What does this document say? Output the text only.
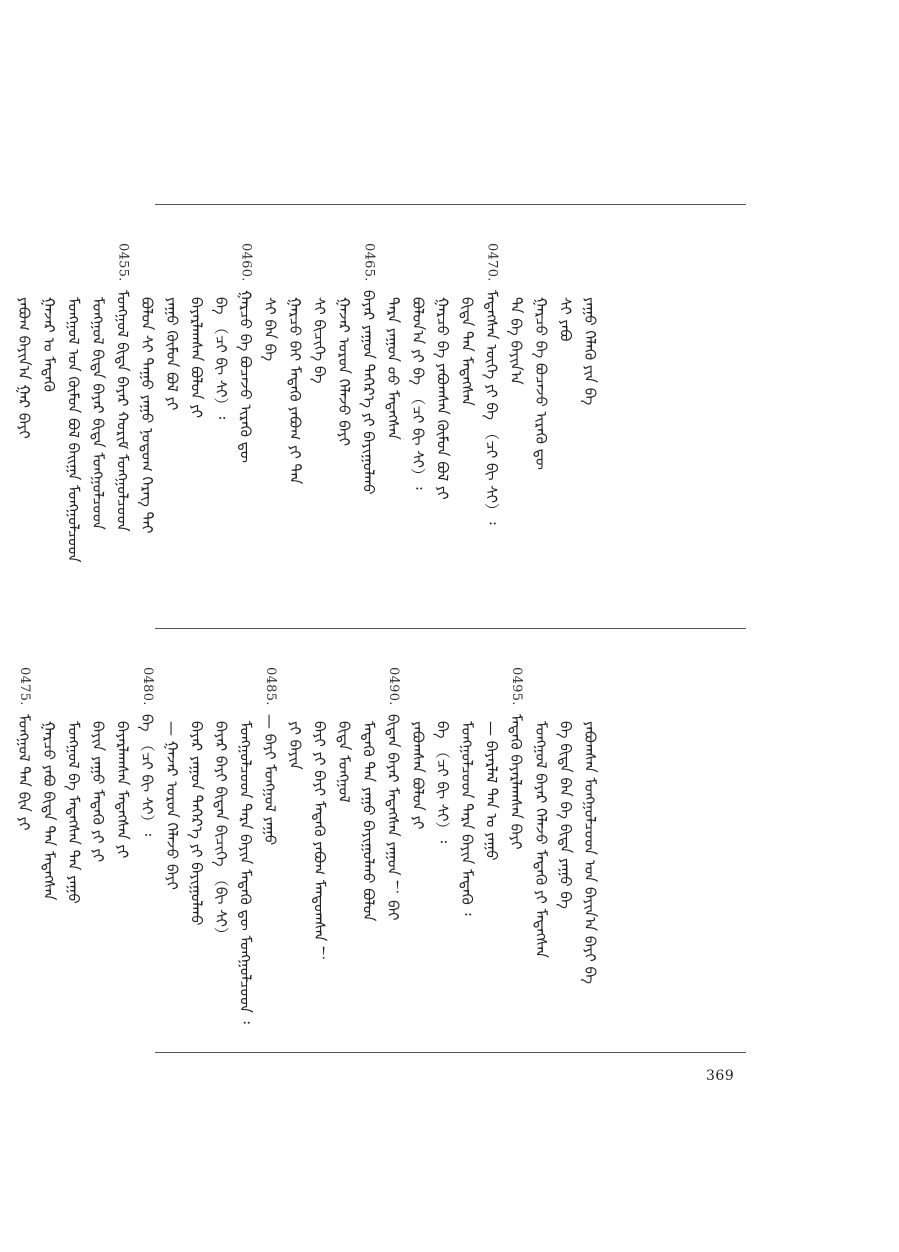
ᠶᠠᠭᠤ ᠬᠡᠯᠡᠬᠦ ᠶᠢᠨ ᠪᠡ
ᠰᠢ ᠶᠠᠪᠤ
ᠭᠠᠷᠴᠤ ᠪᠠ ᠪᠤᠴᠠᠵᠤ ᠢᠷᠡᠬᠦ ᠳᠦ
ᠲᠡ ᠪᠡ ᠪᠠᠶᠢᠨ᠎ᠠ
0470.ᠮᠡᠳᠡᠭᠰᠡᠨ ᠦᠭᠡ ᠶᠢ ᠪᠡ （ᠴᠢ ᠪᠢ ᠰᠢ）᠄
ᠪᠢᠳᠡ ᠲᠠᠨ ᠮᠡᠳᠡᠭᠰᠡᠨ
ᠭᠠᠷᠴᠤ ᠪᠡ ᠶᠠᠪᠤᠭᠰᠠᠨ ᠬᠦᠮᠦᠨ ᠪᠤᠯ ᠶᠢ
ᠪᠣᠯᠤᠨ᠎ᠠ ᠶᠢ ᠪᠡ （ᠴᠢ ᠪᠢ ᠰᠢ）᠄
ᠲᠡᠷᠡ ᠶᠠᠭᠤᠨ ᠤᠤ ᠮᠡᠳᠡᠭᠰᠡᠨ
0465.ᠪᠠᠶᠠᠷ ᠶᠠᠭᠤᠨ ᠳᠡᠭᠡᠷ᠎ᠡ ᠶᠢ ᠪᠠᠶᠢᠭᠤᠯᠬᠤ
ᠭᠠᠵᠠᠷ ᠣᠷᠣᠨ ᠬᠡᠯᠡᠵᠦ ᠪᠠᠶᠢ
ᠰᠢ ᠪᠢᠴᠢᠭᠡ ᠪᠠ
ᠭᠠᠷᠴᠤ ᠪᠠᠢ ᠮᠡᠳᠡᠬᠦ ᠶᠠᠪᠤᠭ ᠶᠢ ᠲᠠᠨ
ᠰᠢ ᠪᠠᠨ ᠪᠠ
0460.ᠭᠠᠷᠴᠤ ᠪᠠ ᠪᠤᠴᠠᠵᠤ ᠢᠷᠡᠬᠦ ᠳᠦ
ᠪᠡ （ᠴᠢ ᠪᠢ ᠰᠢ）᠄
ᠪᠠᠶᠠᠷᠯᠠᠭᠰᠠᠨ ᠪᠤᠯᠤᠨ ᠶᠢ
ᠶᠠᠭᠤ ᠬᠦᠮᠦᠨ ᠪᠤᠯ ᠶᠢ
ᠪᠣᠯᠤᠨ ᠰᠢ ᠳᠠᠭᠤ ᠶᠠᠭᠤ ᠨᠤᠲᠤᠭ ᠬᠡᠷᠡᠭ ᠲᠠᠶ
0455.ᠮᠣᠩᠭᠤᠯ ᠪᠢᠳᠡ ᠪᠠᠶᠠᠷ ᠬᠤᠷᠢᠮ ᠮᠣᠩᠭᠤᠯᠴᠤᠳ
ᠮᠣᠩᠭᠤᠯ ᠪᠢᠳᠡ ᠪᠠᠶᠠᠷ ᠪᠢᠳᠡ ᠮᠣᠩᠭᠤᠯᠴᠤᠳ
ᠮᠣᠩᠭᠤᠯ ᠤᠨ ᠬᠦᠮᠦᠨ ᠪᠣᠯ ᠪᠠᠢᠭᠠ ᠮᠣᠩᠭᠤᠯᠴᠤᠳ
ᠭᠠᠵᠠᠷ ᠤ ᠮᠡᠳᠡᠬᠦ
ᠶᠠᠪᠤᠭ ᠪᠠᠶᠢᠨ᠎ᠠ ᠭᠠᠷ ᠪᠠᠶᠢ
ᠶᠠᠪᠤᠭᠰᠠᠨ ᠮᠣᠩᠭᠤᠯᠴᠤᠳ ᠤᠨ ᠪᠠᠶᠢᠨ᠎ᠠ ᠪᠠᠶᠢ ᠪᠠ
ᠪᠡ ᠪᠢᠳᠡ ᠪᠠᠨ ᠪᠠ ᠪᠢᠳᠡ ᠶᠠᠭᠤ ᠪᠠ
ᠮᠣᠩᠭᠤᠯ ᠪᠠᠶᠠᠷ ᠬᠡᠯᠡᠵᠦ ᠮᠡᠳᠡᠬᠦ ᠶᠢ ᠮᠡᠳᠡᠭᠰᠡᠨ
0495.ᠮᠡᠳᠡᠬᠦ ᠪᠠᠶᠠᠷᠯᠠᠭᠰᠠᠨ ᠪᠠᠶᠢ
— ᠪᠠᠶᠠᠷᠯᠠᠯ ᠲᠠᠨ ᠤ ᠶᠠᠭᠤ
ᠮᠣᠩᠭᠤᠯᠴᠤᠳ ᠲᠡᠷᠡ ᠪᠠᠶᠢᠨ ᠮᠡᠳᠡᠬᠦ ᠄
ᠪᠡ （ᠴᠢ ᠪᠢ ᠰᠢ）᠄
ᠶᠠᠪᠤᠭᠰᠠᠨ ᠪᠣᠯᠤᠨ ᠶᠢ
0490.ᠪᠢᠳᠡᠨ ᠪᠠᠶᠠᠷ ᠮᠡᠳᠡᠭᠰᠡᠨ ᠶᠠᠭᠤᠨ ！ ᠪᠠᠶ
ᠮᠡᠳᠡᠬᠦ ᠲᠠᠨ ᠶᠠᠭᠤ ᠪᠠᠶᠢᠭᠤᠯᠬᠤ ᠪᠣᠯᠤᠨ
ᠪᠢᠳᠡ ᠮᠣᠩᠭᠤᠯ
ᠪᠠᠶᠢ ᠶᠢ ᠪᠠᠶᠢ ᠮᠡᠳᠡᠬᠦ ᠶᠠᠪᠤᠭ ᠮᠠᠨᠳᠤᠭᠰᠠᠨ ！
ᠶᠢ ᠪᠠᠶᠢᠨ
0485.— ᠪᠠᠶᠢ ᠮᠣᠩᠭᠤᠯ ᠶᠠᠭᠤ
ᠮᠣᠩᠭᠤᠯᠴᠤᠳ ᠲᠡᠷᠡ ᠪᠠᠶᠢᠨ ᠮᠡᠳᠡᠬᠦ ᠳᠦ ᠮᠣᠩᠭᠤᠯᠴᠤᠳ ᠄
ᠪᠠᠶᠠᠷ ᠪᠠᠶᠢ ᠪᠢᠳᠡᠨ ᠪᠢᠴᠢᠭᠡ （ᠪᠢ ᠰᠢ）
ᠪᠠᠶᠠᠷ ᠶᠠᠭᠤᠨ ᠳᠡᠭᠡᠷ᠎ᠡ ᠶᠢ ᠪᠠᠶᠢᠭᠤᠯᠬᠤ
— ᠭᠠᠵᠠᠷ ᠣᠷᠣᠨ ᠬᠡᠯᠡᠵᠦ ᠪᠠᠶᠢ
0480.ᠪᠡ （ᠴᠢ ᠪᠢ ᠰᠢ）᠄
ᠪᠠᠶᠠᠷᠯᠠᠭᠰᠠᠨ ᠮᠡᠳᠡᠭᠰᠡᠨ ᠶᠢ
ᠪᠠᠶᠢᠨ ᠶᠠᠭᠤ ᠮᠡᠳᠡᠬᠦ ᠶᠢ ᠶᠢ
ᠮᠣᠩᠭᠤᠯ ᠪᠠ ᠮᠡᠳᠡᠭᠰᠡᠨ ᠲᠠᠨ ᠶᠠᠭᠤ
ᠭᠠᠷᠴᠤ ᠶᠠᠪᠤ ᠪᠢᠳᠡ ᠲᠠᠨ ᠮᠡᠳᠡᠭᠰᠡᠨ
0475.ᠮᠣᠩᠭᠤᠯ ᠲᠠᠨ ᠪᠢᠨ ᠶᠢ
369
